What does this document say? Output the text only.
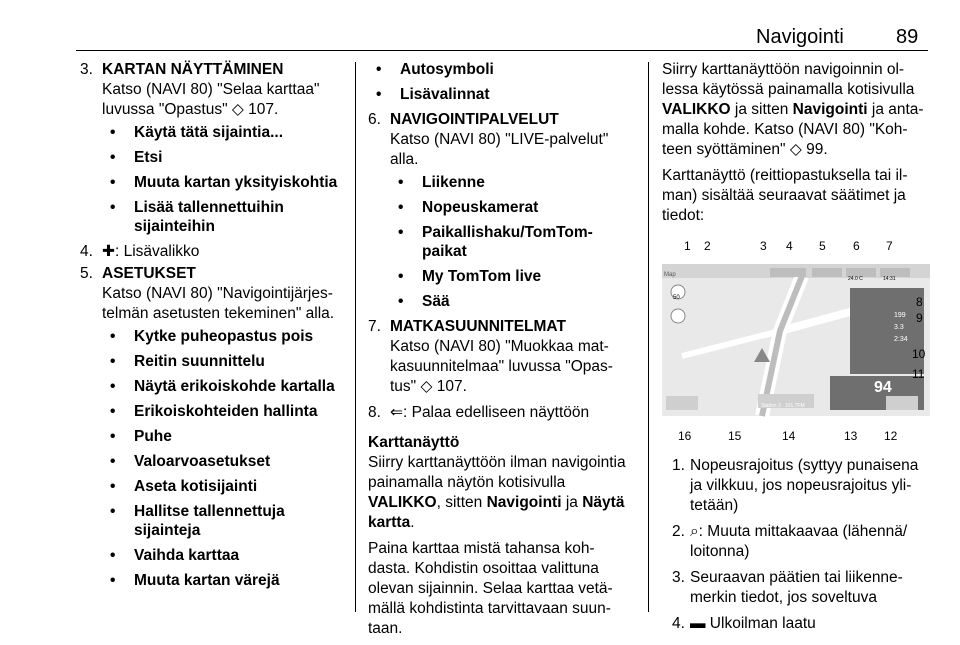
Navigointi	89
3. KARTAN NÄYTTÄMINEN
Katso (NAVI 80) "Selaa karttaa" luvussa "Opastus" ◇ 107.
• Käytä tätä sijaintia...
• Etsi
• Muuta kartan yksityiskohtia
• Lisää tallennettuihin sijainteihin
4. ✚: Lisävalikko
5. ASETUKSET
Katso (NAVI 80) "Navigointijärjes-telmän asetusten tekeminen" alla.
• Kytke puheopastus pois
• Reitin suunnittelu
• Näytä erikoiskohde kartalla
• Erikoiskohteiden hallinta
• Puhe
• Valoarvoasetukset
• Aseta kotisijainti
• Hallitse tallennettuja sijainteja
• Vaihda karttaa
• Muuta kartan värejä
• Autosymboli
• Lisävalinnat
6. NAVIGOINTIPALVELUT
Katso (NAVI 80) "LIVE-palvelut" alla.
• Liikenne
• Nopeuskamerat
• Paikallishaku/TomTom-paikat
• My TomTom live
• Sää
7. MATKASUUNNITELMAT
Katso (NAVI 80) "Muokkaa mat-kasuunnitelmaa" luvussa "Opas-tus" ◇ 107.
8. ⇐: Palaa edelliseen näyttöön
Karttanäyttö

Siirry karttanäyttöön ilman navigointia painamalla näytön kotisivulla VALIKKO, sitten Navigointi ja Näytä kartta.

Paina karttaa mistä tahansa koh-dasta. Kohdistin osoittaa valittuna olevan sijainnin. Selaa karttaa vetä-mällä kohdistinta tarvittavaan suun-taan.

Siirry karttanäyttöön navigoinnin ol-lessa käytössä painamalla kotisivulla VALIKKO ja sitten Navigointi ja anta-malla kohde. Katso (NAVI 80) "Koh-teen syöttäminen" ◇ 99.

Karttanäyttö (reittiopastuksella tai il-man) sisältää seuraavat säätimet ja tiedot:

Map
50
199
3.3
2:34
94
Station 3 ∙ 101.7FM
24.0 C	14:31
1 2	3 4 5 6 7
8
9
10
11
12
13
14
15
16
1. Nopeusrajoitus (syttyy punaisena ja vilkkuu, jos nopeusrajoitus yli-tetään)
2. ⌕: Muuta mittakaavaa (lähennä/ loitonna)
3. Seuraavan päätien tai liikenne-merkin tiedot, jos soveltuva
4. ▬ Ulkoilman laatu
